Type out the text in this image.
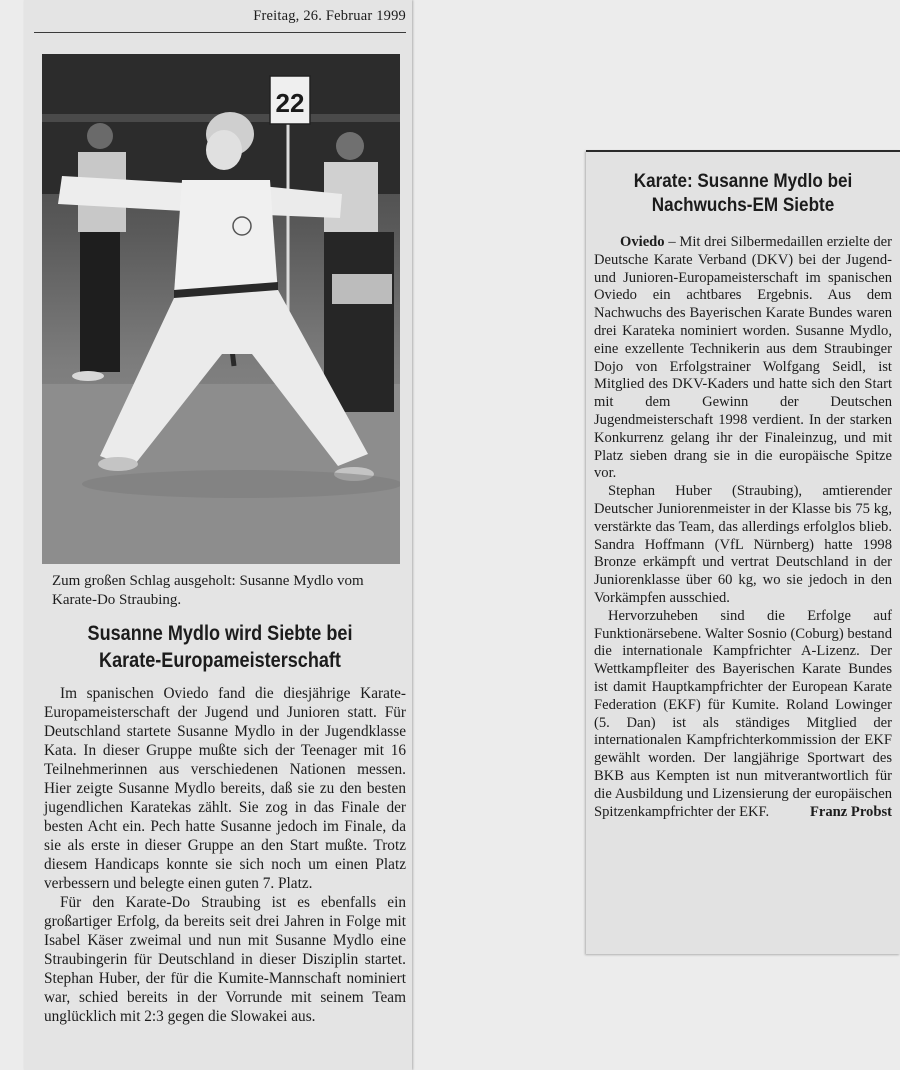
Freitag, 26. Februar 1999
22
Zum großen Schlag ausgeholt: Susanne Mydlo vom Karate-Do Straubing.
Susanne Mydlo wird Siebte bei Karate-Europameisterschaft

Im spanischen Oviedo fand die diesjährige Karate-Europameisterschaft der Jugend und Junioren statt. Für Deutschland startete Susanne Mydlo in der Jugendklasse Kata. In dieser Gruppe mußte sich der Teenager mit 16 Teilnehmerinnen aus verschiedenen Nationen messen. Hier zeigte Susanne Mydlo bereits, daß sie zu den besten jugendlichen Karatekas zählt. Sie zog in das Finale der besten Acht ein. Pech hatte Susanne jedoch im Finale, da sie als erste in dieser Gruppe an den Start mußte. Trotz diesem Handicaps konnte sie sich noch um einen Platz verbessern und belegte einen guten 7. Platz.

Für den Karate-Do Straubing ist es ebenfalls ein großartiger Erfolg, da bereits seit drei Jahren in Folge mit Isabel Käser zweimal und nun mit Susanne Mydlo eine Straubingerin für Deutschland in dieser Disziplin startet. Stephan Huber, der für die Kumite-Mannschaft nominiert war, schied bereits in der Vorrunde mit seinem Team unglücklich mit 2:3 gegen die Slowakei aus.

Karate: Susanne Mydlo bei Nachwuchs-EM Siebte

Oviedo – Mit drei Silbermedaillen erzielte der Deutsche Karate Verband (DKV) bei der Jugend- und Junioren-Europameisterschaft im spanischen Oviedo ein achtbares Ergebnis. Aus dem Nachwuchs des Bayerischen Karate Bundes waren drei Karateka nominiert worden. Susanne Mydlo, eine exzellente Technikerin aus dem Straubinger Dojo von Erfolgstrainer Wolfgang Seidl, ist Mitglied des DKV-Kaders und hatte sich den Start mit dem Gewinn der Deutschen Jugendmeisterschaft 1998 verdient. In der starken Konkurrenz gelang ihr der Finaleinzug, und mit Platz sieben drang sie in die europäische Spitze vor.

Stephan Huber (Straubing), amtierender Deutscher Juniorenmeister in der Klasse bis 75 kg, verstärkte das Team, das allerdings erfolglos blieb. Sandra Hoffmann (VfL Nürnberg) hatte 1998 Bronze erkämpft und vertrat Deutschland in der Juniorenklasse über 60 kg, wo sie jedoch in den Vorkämpfen ausschied.

Hervorzuheben sind die Erfolge auf Funktionärsebene. Walter Sosnio (Coburg) bestand die internationale Kampfrichter A-Lizenz. Der Wettkampfleiter des Bayerischen Karate Bundes ist damit Hauptkampfrichter der European Karate Federation (EKF) für Kumite. Roland Lowinger (5. Dan) ist als ständiges Mitglied der internationalen Kampfrichterkommission der EKF gewählt worden. Der langjährige Sportwart des BKB aus Kempten ist nun mitverantwortlich für die Ausbildung und Lizensierung der europäischen Spitzenkampfrichter der EKF.	Franz Probst
